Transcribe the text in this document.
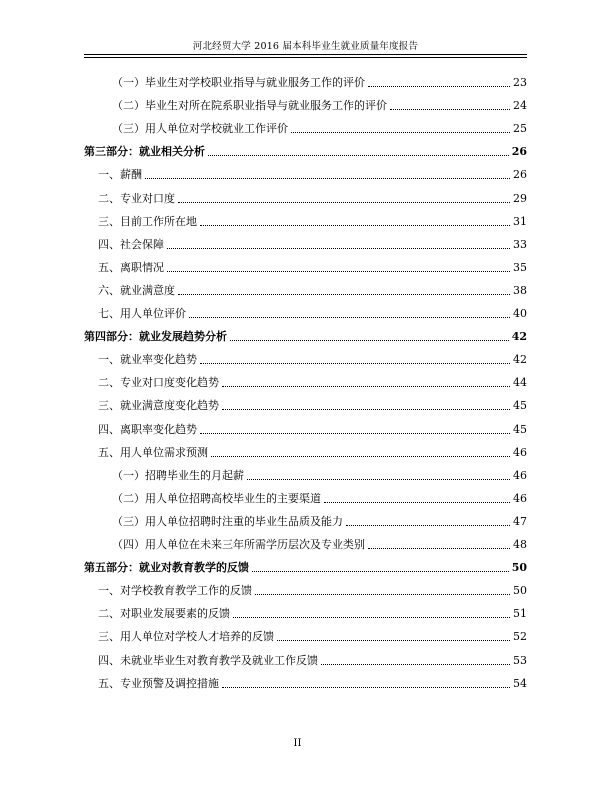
河北经贸大学 2016 届本科毕业生就业质量年度报告
（一）毕业生对学校职业指导与就业服务工作的评价	23
（二）毕业生对所在院系职业指导与就业服务工作的评价	24
（三）用人单位对学校就业工作评价	25
第三部分：就业相关分析	26
一、薪酬	26
二、专业对口度	29
三、目前工作所在地	31
四、社会保障	33
五、离职情况	35
六、就业满意度	38
七、用人单位评价	40
第四部分：就业发展趋势分析	42
一、就业率变化趋势	42
二、专业对口度变化趋势	44
三、就业满意度变化趋势	45
四、离职率变化趋势	45
五、用人单位需求预测	46
（一）招聘毕业生的月起薪	46
（二）用人单位招聘高校毕业生的主要渠道	46
（三）用人单位招聘时注重的毕业生品质及能力	47
（四）用人单位在未来三年所需学历层次及专业类别	48
第五部分：就业对教育教学的反馈	50
一、对学校教育教学工作的反馈	50
二、对职业发展要素的反馈	51
三、用人单位对学校人才培养的反馈	52
四、未就业毕业生对教育教学及就业工作反馈	53
五、专业预警及调控措施	54
II
